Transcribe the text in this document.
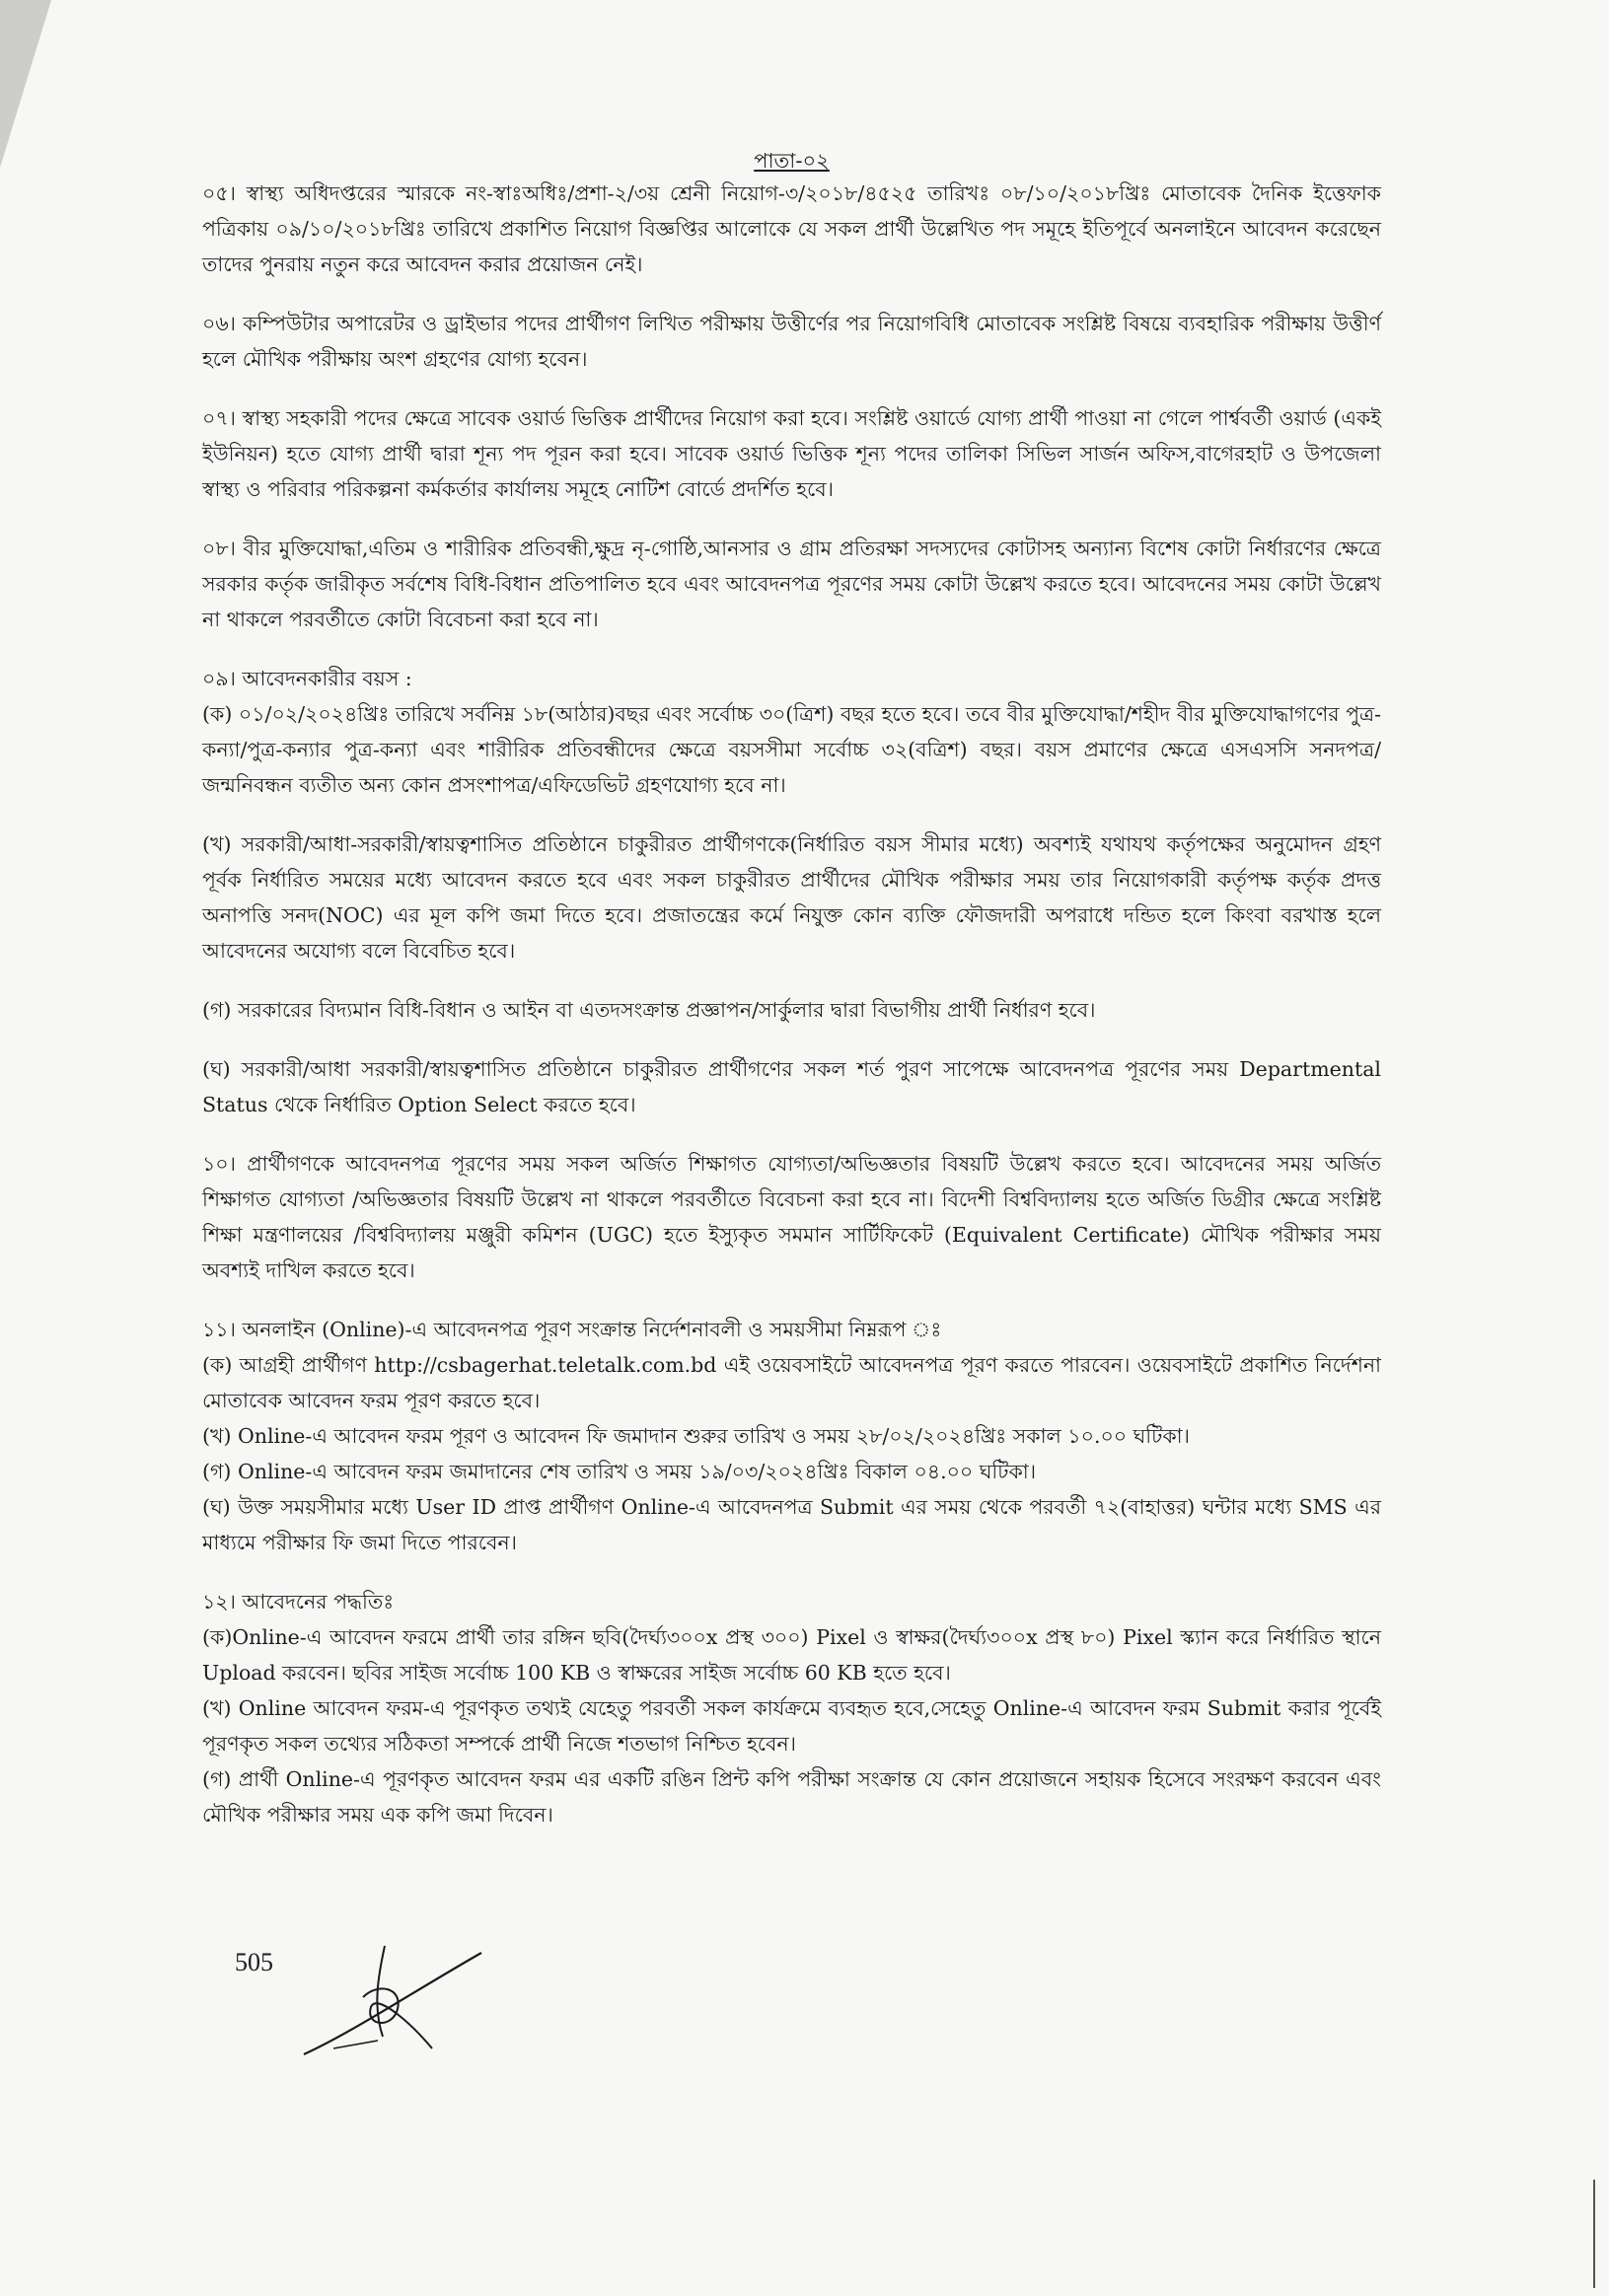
পাতা-০২

০৫। স্বাস্থ্য অধিদপ্তরের স্মারকে নং-স্বাঃঅধিঃ/প্রশা-২/৩য় শ্রেনী নিয়োগ-৩/২০১৮/৪৫২৫ তারিখঃ ০৮/১০/২০১৮খ্রিঃ মোতাবেক দৈনিক ইত্তেফাক পত্রিকায় ০৯/১০/২০১৮খ্রিঃ তারিখে প্রকাশিত নিয়োগ বিজ্ঞপ্তির আলোকে যে সকল প্রার্থী উল্লেখিত পদ সমূহে ইতিপূর্বে অনলাইনে আবেদন করেছেন তাদের পুনরায় নতুন করে আবেদন করার প্রয়োজন নেই।

০৬। কম্পিউটার অপারেটর ও ড্রাইভার পদের প্রার্থীগণ লিখিত পরীক্ষায় উত্তীর্ণের পর নিয়োগবিধি মোতাবেক সংশ্লিষ্ট বিষয়ে ব্যবহারিক পরীক্ষায় উত্তীর্ণ হলে মৌখিক পরীক্ষায় অংশ গ্রহণের যোগ্য হবেন।

০৭। স্বাস্থ্য সহকারী পদের ক্ষেত্রে সাবেক ওয়ার্ড ভিত্তিক প্রার্থীদের নিয়োগ করা হবে। সংশ্লিষ্ট ওয়ার্ডে যোগ্য প্রার্থী পাওয়া না গেলে পার্শ্ববর্তী ওয়ার্ড (একই ইউনিয়ন) হতে যোগ্য প্রার্থী দ্বারা শূন্য পদ পূরন করা হবে। সাবেক ওয়ার্ড ভিত্তিক শূন্য পদের তালিকা সিভিল সার্জন অফিস,বাগেরহাট ও উপজেলা স্বাস্থ্য ও পরিবার পরিকল্পনা কর্মকর্তার কার্যালয় সমূহে নোটিশ বোর্ডে প্রদর্শিত হবে।

০৮। বীর মুক্তিযোদ্ধা,এতিম ও শারীরিক প্রতিবন্ধী,ক্ষুদ্র নৃ-গোষ্ঠি,আনসার ও গ্রাম প্রতিরক্ষা সদস্যদের কোটাসহ অন্যান্য বিশেষ কোটা নির্ধারণের ক্ষেত্রে সরকার কর্তৃক জারীকৃত সর্বশেষ বিধি-বিধান প্রতিপালিত হবে এবং আবেদনপত্র পূরণের সময় কোটা উল্লেখ করতে হবে। আবেদনের সময় কোটা উল্লেখ না থাকলে পরবর্তীতে কোটা বিবেচনা করা হবে না।

০৯। আবেদনকারীর বয়স :

(ক) ০১/০২/২০২৪খ্রিঃ তারিখে সর্বনিম্ন ১৮(আঠার)বছর এবং সর্বোচ্চ ৩০(ত্রিশ) বছর হতে হবে। তবে বীর মুক্তিযোদ্ধা/শহীদ বীর মুক্তিযোদ্ধাগণের পুত্র-কন্যা/পুত্র-কন্যার পুত্র-কন্যা এবং শারীরিক প্রতিবন্ধীদের ক্ষেত্রে বয়সসীমা সর্বোচ্চ ৩২(বত্রিশ) বছর। বয়স প্রমাণের ক্ষেত্রে এসএসসি সনদপত্র/জন্মনিবন্ধন ব্যতীত অন্য কোন প্রসংশাপত্র/এফিডেভিট গ্রহণযোগ্য হবে না।

(খ) সরকারী/আধা-সরকারী/স্বায়ত্বশাসিত প্রতিষ্ঠানে চাকুরীরত প্রার্থীগণকে(নির্ধারিত বয়স সীমার মধ্যে) অবশ্যই যথাযথ কর্তৃপক্ষের অনুমোদন গ্রহণ পূর্বক নির্ধারিত সময়ের মধ্যে আবেদন করতে হবে এবং সকল চাকুরীরত প্রার্থীদের মৌখিক পরীক্ষার সময় তার নিয়োগকারী কর্তৃপক্ষ কর্তৃক প্রদত্ত অনাপত্তি সনদ(NOC) এর মূল কপি জমা দিতে হবে। প্রজাতন্ত্রের কর্মে নিযুক্ত কোন ব্যক্তি ফৌজদারী অপরাধে দন্ডিত হলে কিংবা বরখাস্ত হলে আবেদনের অযোগ্য বলে বিবেচিত হবে।

(গ) সরকারের বিদ্যমান বিধি-বিধান ও আইন বা এতদসংক্রান্ত প্রজ্ঞাপন/সার্কুলার দ্বারা বিভাগীয় প্রার্থী নির্ধারণ হবে।

(ঘ) সরকারী/আধা সরকারী/স্বায়ত্বশাসিত প্রতিষ্ঠানে চাকুরীরত প্রার্থীগণের সকল শর্ত পুরণ সাপেক্ষে আবেদনপত্র পূরণের সময় Departmental Status থেকে নির্ধারিত Option Select করতে হবে।

১০। প্রার্থীগণকে আবেদনপত্র পূরণের সময় সকল অর্জিত শিক্ষাগত যোগ্যতা/অভিজ্ঞতার বিষয়টি উল্লেখ করতে হবে। আবেদনের সময় অর্জিত শিক্ষাগত যোগ্যতা /অভিজ্ঞতার বিষয়টি উল্লেখ না থাকলে পরবর্তীতে বিবেচনা করা হবে না। বিদেশী বিশ্ববিদ্যালয় হতে অর্জিত ডিগ্রীর ক্ষেত্রে সংশ্লিষ্ট শিক্ষা মন্ত্রণালয়ের /বিশ্ববিদ্যালয় মঞ্জুরী কমিশন (UGC) হতে ইস্যুকৃত সমমান সার্টিফিকেট (Equivalent Certificate) মৌখিক পরীক্ষার সময় অবশ্যই দাখিল করতে হবে।

১১। অনলাইন (Online)-এ আবেদনপত্র পূরণ সংক্রান্ত নির্দেশনাবলী ও সময়সীমা নিম্নরূপ ঃ

(ক) আগ্রহী প্রার্থীগণ http://csbagerhat.teletalk.com.bd এই ওয়েবসাইটে আবেদনপত্র পূরণ করতে পারবেন। ওয়েবসাইটে প্রকাশিত নির্দেশনা মোতাবেক আবেদন ফরম পূরণ করতে হবে।

(খ) Online-এ আবেদন ফরম পূরণ ও আবেদন ফি জমাদান শুরুর তারিখ ও সময় ২৮/০২/২০২৪খ্রিঃ সকাল ১০.০০ ঘটিকা।

(গ) Online-এ আবেদন ফরম জমাদানের শেষ তারিখ ও সময় ১৯/০৩/২০২৪খ্রিঃ বিকাল ০৪.০০ ঘটিকা।

(ঘ) উক্ত সময়সীমার মধ্যে User ID প্রাপ্ত প্রার্থীগণ Online-এ আবেদনপত্র Submit এর সময় থেকে পরবর্তী ৭২(বাহাত্তর) ঘন্টার মধ্যে SMS এর মাধ্যমে পরীক্ষার ফি জমা দিতে পারবেন।

১২। আবেদনের পদ্ধতিঃ

(ক)Online-এ আবেদন ফরমে প্রার্থী তার রঙ্গিন ছবি(দৈর্ঘ্য৩০০x প্রস্থ ৩০০) Pixel ও স্বাক্ষর(দৈর্ঘ্য৩০০x প্রস্থ ৮০) Pixel স্ক্যান করে নির্ধারিত স্থানে Upload করবেন। ছবির সাইজ সর্বোচ্চ 100 KB ও স্বাক্ষরের সাইজ সর্বোচ্চ 60 KB হতে হবে।

(খ) Online আবেদন ফরম-এ পূরণকৃত তথ্যই যেহেতু পরবর্তী সকল কার্যক্রমে ব্যবহৃত হবে,সেহেতু Online-এ আবেদন ফরম Submit করার পূর্বেই পূরণকৃত সকল তথ্যের সঠিকতা সম্পর্কে প্রার্থী নিজে শতভাগ নিশ্চিত হবেন।

(গ) প্রার্থী Online-এ পূরণকৃত আবেদন ফরম এর একটি রঙিন প্রিন্ট কপি পরীক্ষা সংক্রান্ত যে কোন প্রয়োজনে সহায়ক হিসেবে সংরক্ষণ করবেন এবং মৌখিক পরীক্ষার সময় এক কপি জমা দিবেন।

505
